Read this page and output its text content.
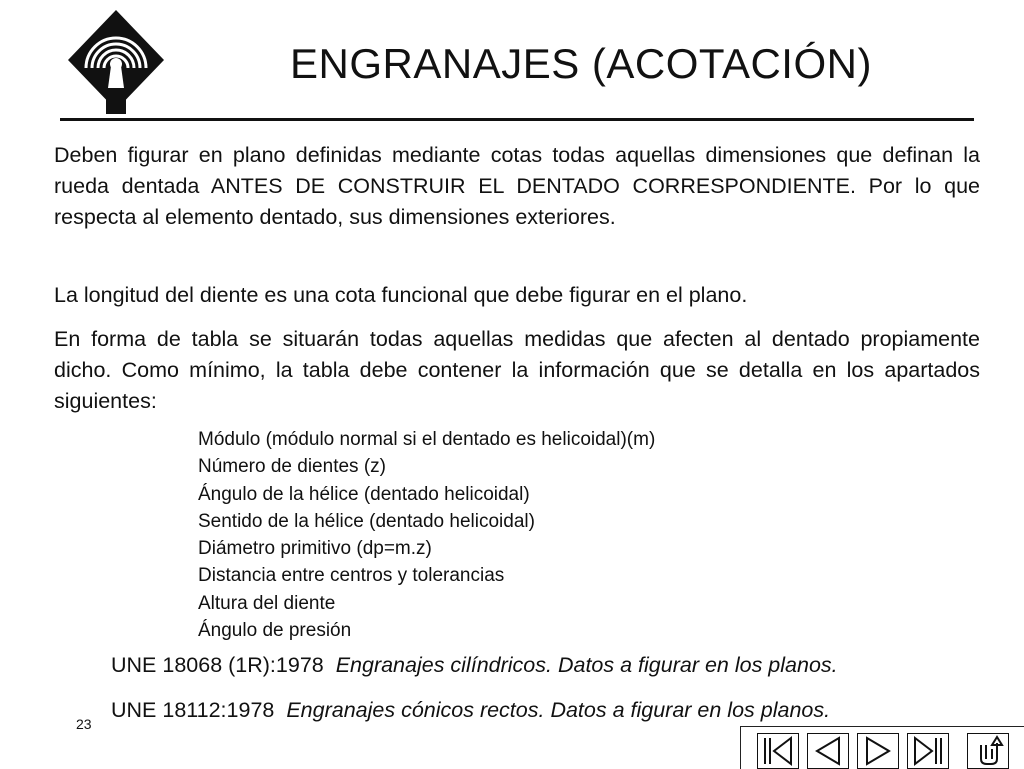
ENGRANAJES (ACOTACIÓN)

Deben figurar en plano definidas mediante cotas todas aquellas dimensiones que definan la rueda dentada ANTES DE CONSTRUIR EL DENTADO CORRESPONDIENTE. Por lo que respecta al elemento dentado, sus dimensiones exteriores.

La longitud del diente es una cota funcional que debe figurar en el plano.

En forma de tabla se situarán todas aquellas medidas que afecten al dentado propiamente dicho. Como mínimo, la tabla debe contener la información que se detalla en los apartados siguientes:

Módulo (módulo normal si el dentado es helicoidal)(m)
Número de dientes (z)
Ángulo de la hélice (dentado helicoidal)
Sentido de la hélice (dentado helicoidal)
Diámetro primitivo (dp=m.z)
Distancia entre centros y tolerancias
Altura del diente
Ángulo de presión
UNE 18068 (1R):1978 Engranajes cilíndricos. Datos a figurar en los planos.
UNE 18112:1978 Engranajes cónicos rectos. Datos a figurar en los planos.
23
